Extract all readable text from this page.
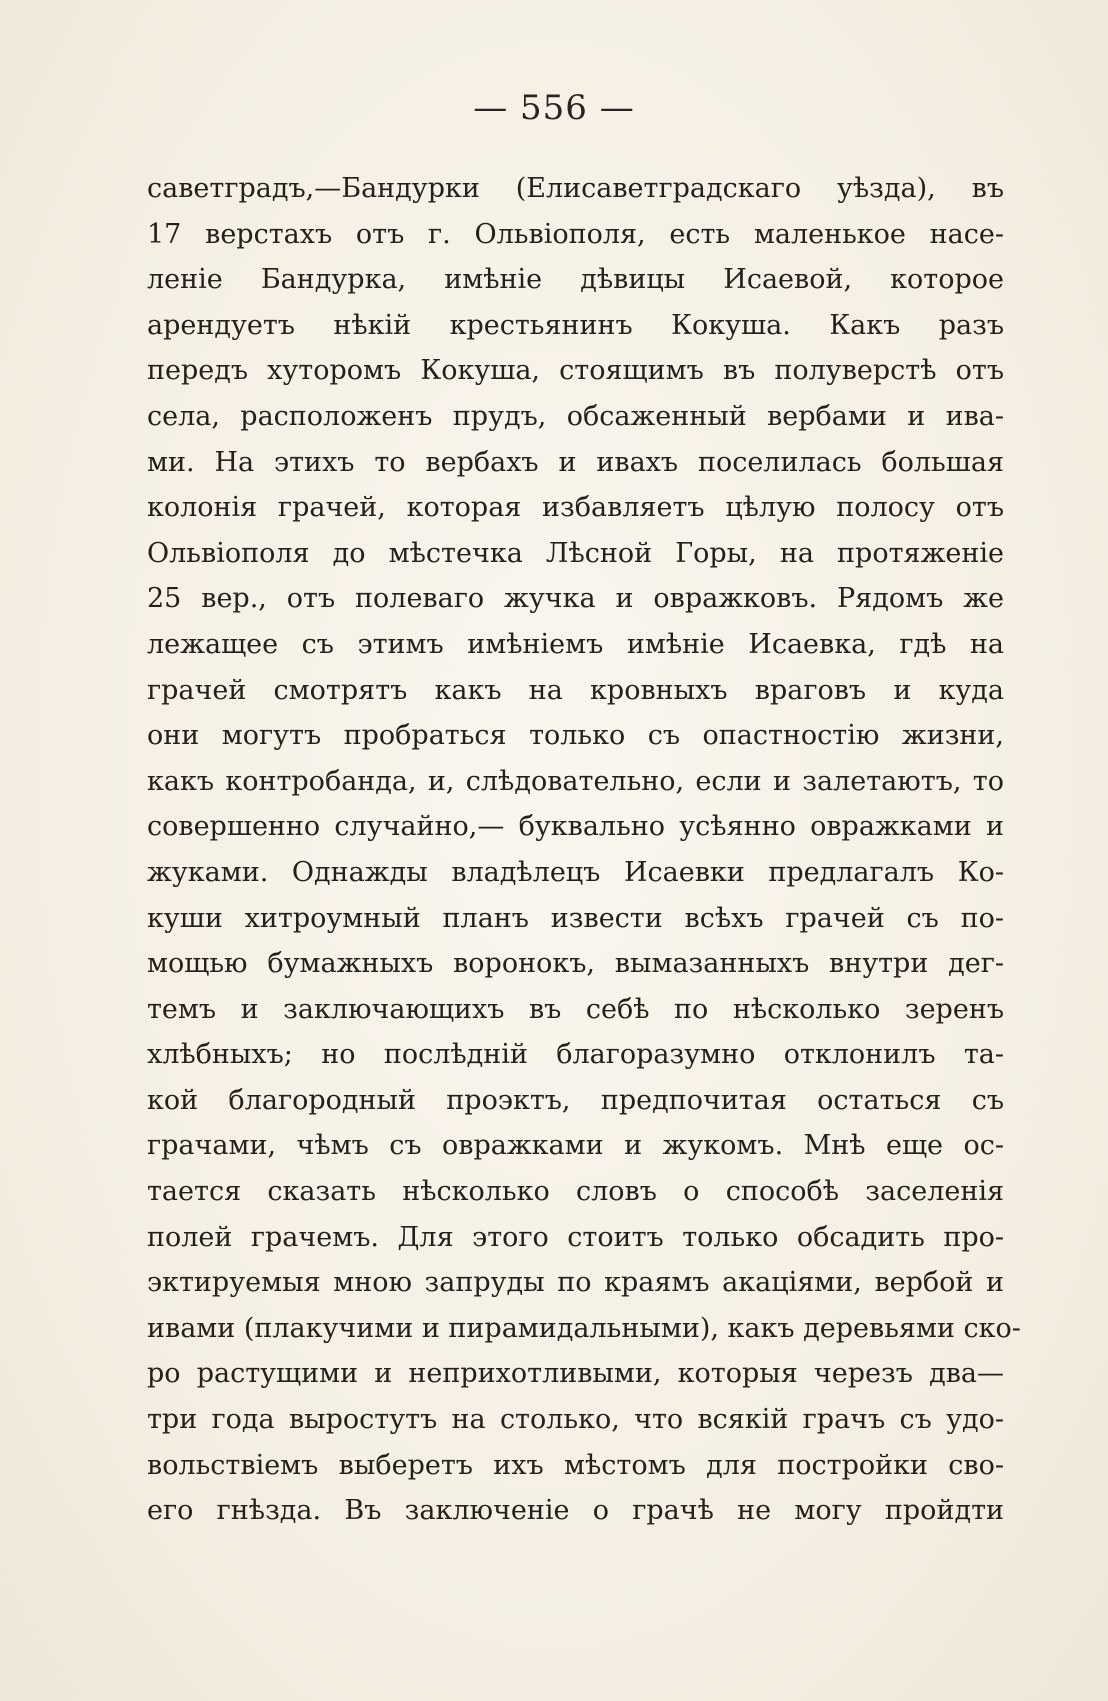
— 556 —
саветградъ,—Бандурки (Елисаветградскаго уѣзда), въ
17 верстахъ отъ г. Ольвіополя, есть маленькое насе-
леніе Бандурка, имѣніе дѣвицы Исаевой, которое
арендуетъ нѣкій крестьянинъ Кокуша. Какъ разъ
передъ хуторомъ Кокуша, стоящимъ въ полуверстѣ отъ
села, расположенъ прудъ, обсаженный вербами и ива-
ми. На этихъ то вербахъ и ивахъ поселилась большая
колонія грачей, которая избавляетъ цѣлую полосу отъ
Ольвіополя до мѣстечка Лѣсной Горы, на протяженіе
25 вер., отъ полеваго жучка и овражковъ. Рядомъ же
лежащее съ этимъ имѣніемъ имѣніе Исаевка, гдѣ на
грачей смотрятъ какъ на кровныхъ враговъ и куда
они могутъ пробраться только съ опастностію жизни,
какъ контробанда, и, слѣдовательно, если и залетаютъ, то
совершенно случайно,— буквально усѣянно овражками и
жуками. Однажды владѣлецъ Исаевки предлагалъ Ко-
куши хитроумный планъ извести всѣхъ грачей съ по-
мощью бумажныхъ воронокъ, вымазанныхъ внутри дег-
темъ и заключающихъ въ себѣ по нѣсколько зеренъ
хлѣбныхъ; но послѣдній благоразумно отклонилъ та-
кой благородный проэктъ, предпочитая остаться съ
грачами, чѣмъ съ овражками и жукомъ. Мнѣ еще ос-
тается сказать нѣсколько словъ о способѣ заселенія
полей грачемъ. Для этого стоитъ только обсадить про-
эктируемыя мною запруды по краямъ акаціями, вербой и
ивами (плакучими и пирамидальными), какъ деревьями ско-
ро растущими и неприхотливыми, которыя черезъ два—
три года выростутъ на столько, что всякій грачъ съ удо-
вольствіемъ выберетъ ихъ мѣстомъ для постройки сво-
его гнѣзда. Въ заключеніе о грачѣ не могу пройдти
